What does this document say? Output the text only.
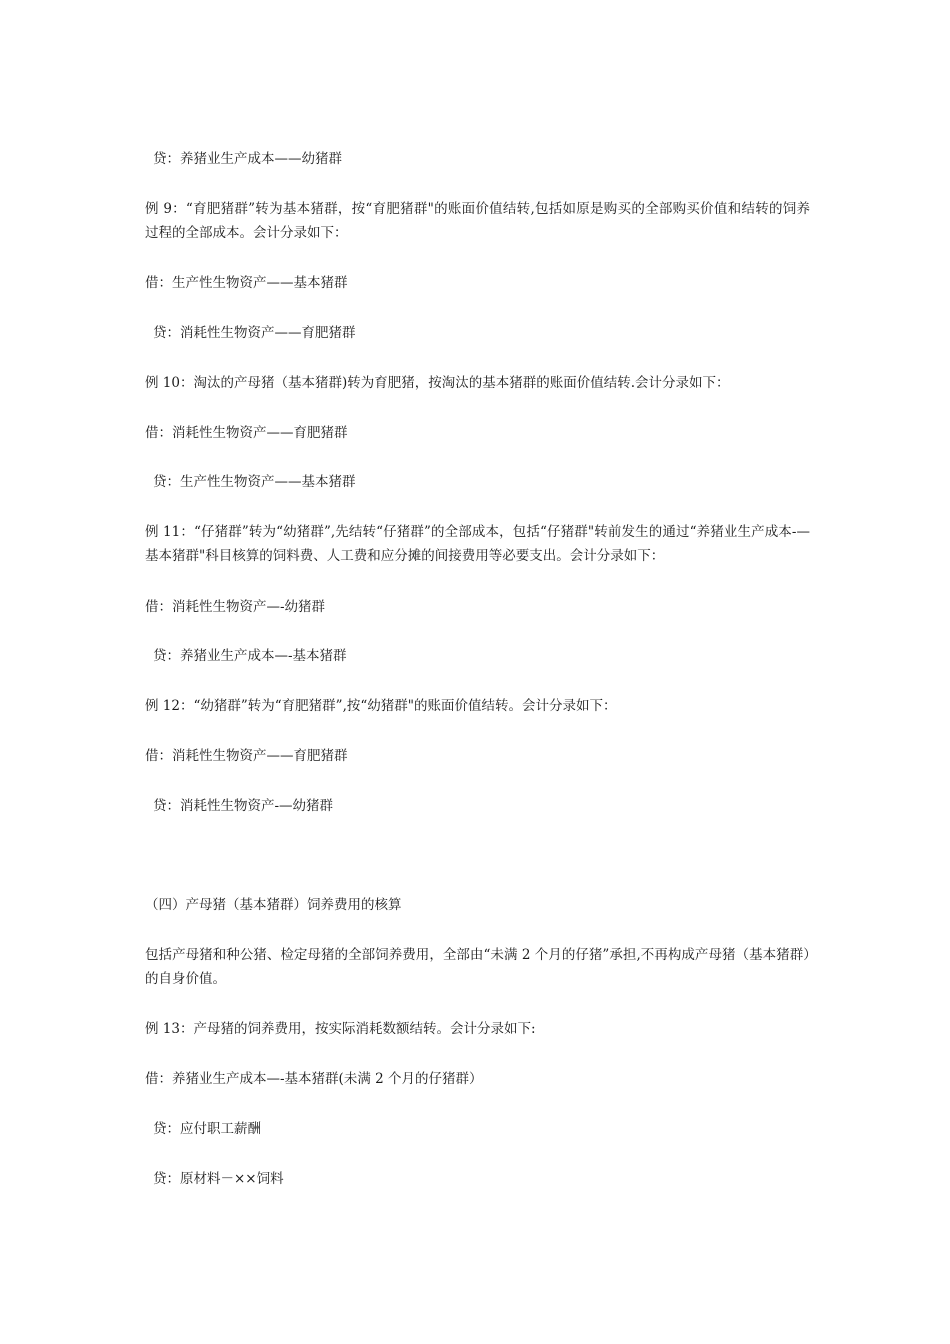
贷：养猪业生产成本——幼猪群
例 9：“育肥猪群”转为基本猪群，按“育肥猪群"的账面价值结转,包括如原是购买的全部购买价值和结转的饲养过程的全部成本。会计分录如下：
借：生产性生物资产——基本猪群
贷：消耗性生物资产——育肥猪群
例 10：淘汰的产母猪（基本猪群)转为育肥猪，按淘汰的基本猪群的账面价值结转.会计分录如下：
借：消耗性生物资产——育肥猪群
贷：生产性生物资产——基本猪群
例 11：“仔猪群”转为“幼猪群”,先结转“仔猪群”的全部成本，包括“仔猪群"转前发生的通过“养猪业生产成本-—基本猪群"科目核算的饲料费、人工费和应分摊的间接费用等必要支出。会计分录如下：
借：消耗性生物资产—-幼猪群
贷：养猪业生产成本—-基本猪群
例 12：“幼猪群”转为“育肥猪群”,按“幼猪群"的账面价值结转。会计分录如下：
借：消耗性生物资产——育肥猪群
贷：消耗性生物资产-—幼猪群
（四）产母猪（基本猪群）饲养费用的核算
包括产母猪和种公猪、检定母猪的全部饲养费用，全部由“未满 2 个月的仔猪”承担,不再构成产母猪（基本猪群）的自身价值。
例 13：产母猪的饲养费用，按实际消耗数额结转。会计分录如下:
借：养猪业生产成本—-基本猪群(未满 2 个月的仔猪群）
贷：应付职工薪酬
贷：原材料－××饲料
